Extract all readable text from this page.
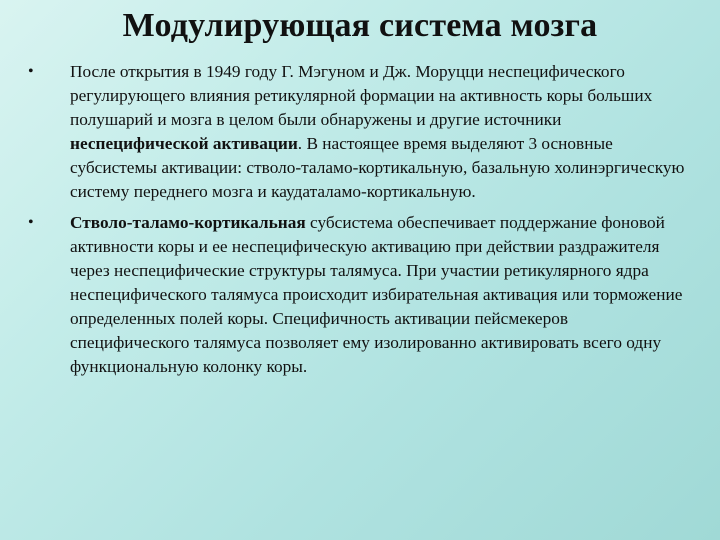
Модулирующая система мозга
•	После открытия в 1949 году Г. Мэгуном и Дж. Моруцци неспецифического регулирующего влияния ретикулярной формации на активность коры больших полушарий и мозга в целом были обнаружены и другие источники неспецифической активации. В настоящее время выделяют 3 основные субсистемы активации: стволо-таламо-кортикальную, базальную холинэргическую систему переднего мозга и каудаталамо-кортикальную.
•	Стволо-таламо-кортикальная субсистема обеспечивает поддержание фоновой активности коры и ее неспецифическую активацию при действии раздражителя через неспецифические структуры талямуса. При участии ретикулярного ядра неспецифического талямуса происходит избирательная активация или торможение определенных полей коры. Специфичность активации пейсмекеров специфического талямуса позволяет ему изолированно активировать всего одну функциональную колонку коры.
